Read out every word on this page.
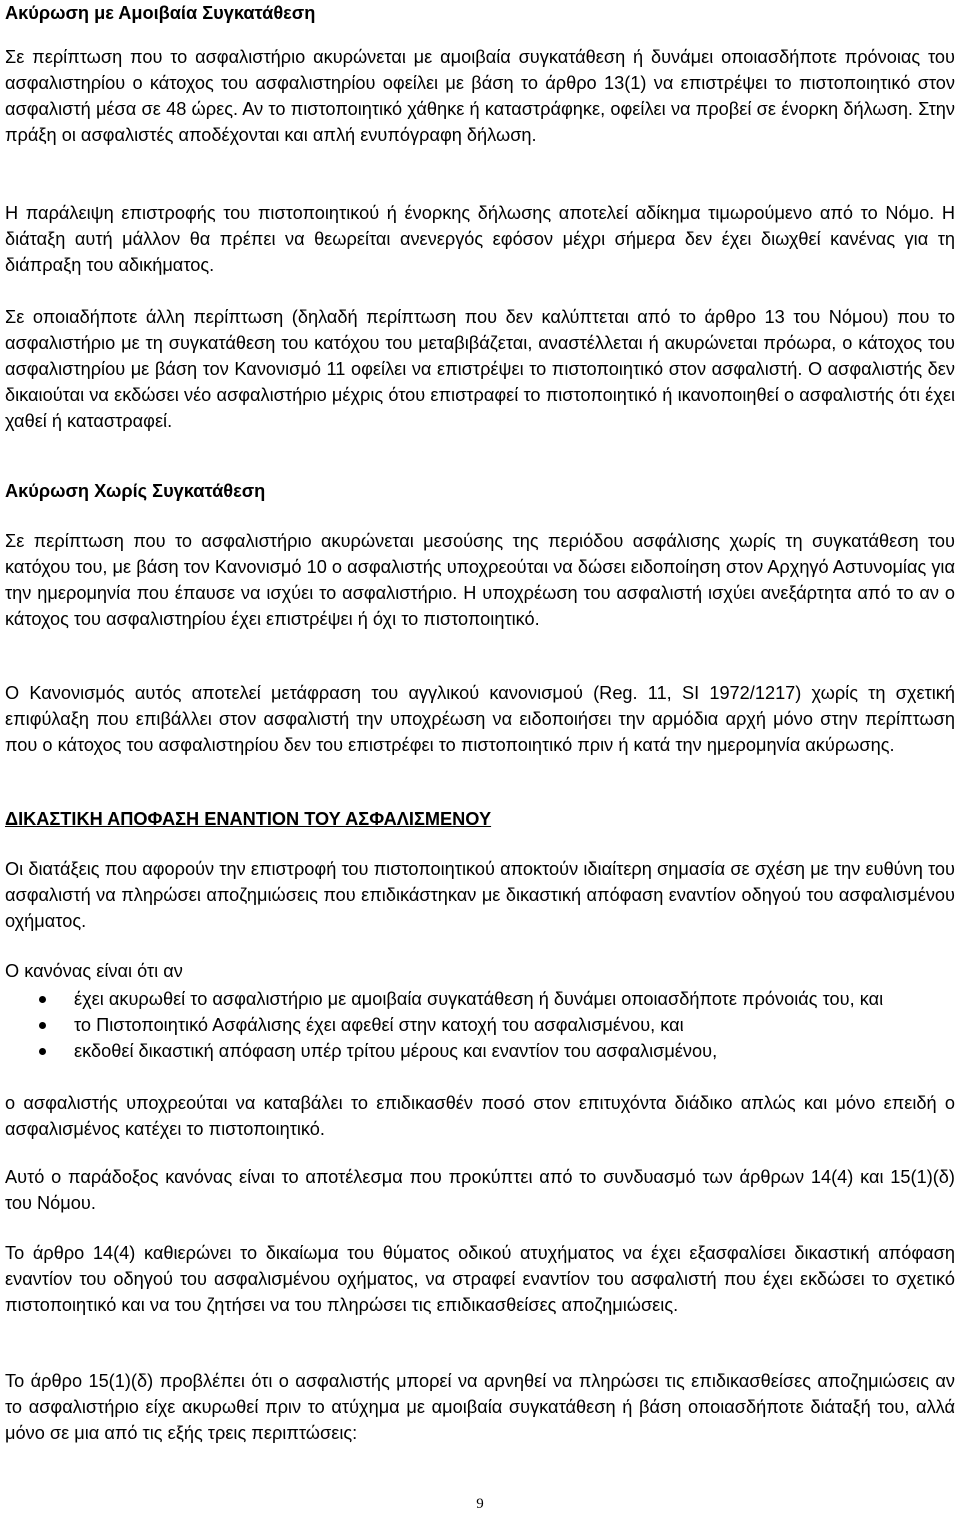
Ακύρωση με Αμοιβαία Συγκατάθεση

Σε περίπτωση που το ασφαλιστήριο ακυρώνεται με αμοιβαία συγκατάθεση ή δυνάμει οποιασδήποτε πρόνοιας του ασφαλιστηρίου ο κάτοχος του ασφαλιστηρίου οφείλει με βάση το άρθρο 13(1) να επιστρέψει το πιστοποιητικό στον ασφαλιστή μέσα σε 48 ώρες. Αν το πιστοποιητικό χάθηκε ή καταστράφηκε, οφείλει να προβεί σε ένορκη δήλωση. Στην πράξη οι ασφαλιστές αποδέχονται και απλή ενυπόγραφη δήλωση.

Η παράλειψη επιστροφής του πιστοποιητικού ή ένορκης δήλωσης αποτελεί αδίκημα τιμωρούμενο από το Νόμο. Η διάταξη αυτή μάλλον θα πρέπει να θεωρείται ανενεργός εφόσον μέχρι σήμερα δεν έχει διωχθεί κανένας για τη διάπραξη του αδικήματος.

Σε οποιαδήποτε άλλη περίπτωση (δηλαδή περίπτωση που δεν καλύπτεται από το άρθρο 13 του Νόμου) που το ασφαλιστήριο με τη συγκατάθεση του κατόχου του μεταβιβάζεται, αναστέλλεται ή ακυρώνεται πρόωρα, ο κάτοχος του ασφαλιστηρίου με βάση τον Κανονισμό 11 οφείλει να επιστρέψει το πιστοποιητικό στον ασφαλιστή. Ο ασφαλιστής δεν δικαιούται να εκδώσει νέο ασφαλιστήριο μέχρις ότου επιστραφεί το πιστοποιητικό ή ικανοποιηθεί ο ασφαλιστής ότι έχει χαθεί ή καταστραφεί.

Ακύρωση Χωρίς Συγκατάθεση

Σε περίπτωση που το ασφαλιστήριο ακυρώνεται μεσούσης της περιόδου ασφάλισης χωρίς τη συγκατάθεση του κατόχου του, με βάση τον Κανονισμό 10 ο ασφαλιστής υποχρεούται να δώσει ειδοποίηση στον Αρχηγό Αστυνομίας για την ημερομηνία που έπαυσε να ισχύει το ασφαλιστήριο. Η υποχρέωση του ασφαλιστή ισχύει ανεξάρτητα από το αν ο κάτοχος του ασφαλιστηρίου έχει επιστρέψει ή όχι το πιστοποιητικό.

Ο Κανονισμός αυτός αποτελεί μετάφραση του αγγλικού κανονισμού (Reg. 11, SI 1972/1217) χωρίς τη σχετική επιφύλαξη που επιβάλλει στον ασφαλιστή την υποχρέωση να ειδοποιήσει την αρμόδια αρχή μόνο στην περίπτωση που ο κάτοχος του ασφαλιστηρίου δεν του επιστρέφει το πιστοποιητικό πριν ή κατά την ημερομηνία ακύρωσης.

ΔΙΚΑΣΤΙΚΗ ΑΠΟΦΑΣΗ ΕΝΑΝΤΙΟΝ ΤΟΥ ΑΣΦΑΛΙΣΜΕΝΟΥ

Οι διατάξεις που αφορούν την επιστροφή του πιστοποιητικού αποκτούν ιδιαίτερη σημασία σε σχέση με την ευθύνη του ασφαλιστή να πληρώσει αποζημιώσεις που επιδικάστηκαν με δικαστική απόφαση εναντίον οδηγού του ασφαλισμένου οχήματος.

Ο κανόνας είναι ότι αν

έχει ακυρωθεί το ασφαλιστήριο με αμοιβαία συγκατάθεση ή δυνάμει οποιασδήποτε πρόνοιάς του, και
το Πιστοποιητικό Ασφάλισης έχει αφεθεί στην κατοχή του ασφαλισμένου, και
εκδοθεί δικαστική απόφαση υπέρ τρίτου μέρους και εναντίον του ασφαλισμένου,

ο ασφαλιστής υποχρεούται να καταβάλει το επιδικασθέν ποσό στον επιτυχόντα διάδικο απλώς και μόνο επειδή ο ασφαλισμένος κατέχει το πιστοποιητικό.

Αυτό ο παράδοξος κανόνας είναι το αποτέλεσμα που προκύπτει από το συνδυασμό των άρθρων 14(4) και 15(1)(δ) του Νόμου.

Το άρθρο 14(4) καθιερώνει το δικαίωμα του θύματος οδικού ατυχήματος να έχει εξασφαλίσει δικαστική απόφαση εναντίον του οδηγού του ασφαλισμένου οχήματος, να στραφεί εναντίον του ασφαλιστή που έχει εκδώσει το σχετικό πιστοποιητικό και να του ζητήσει να του πληρώσει τις επιδικασθείσες αποζημιώσεις.

Το άρθρο 15(1)(δ) προβλέπει ότι ο ασφαλιστής μπορεί να αρνηθεί να πληρώσει τις επιδικασθείσες αποζημιώσεις αν το ασφαλιστήριο είχε ακυρωθεί πριν το ατύχημα με αμοιβαία συγκατάθεση ή βάση οποιασδήποτε διάταξή του, αλλά μόνο σε μια από τις εξής τρεις περιπτώσεις:

9
